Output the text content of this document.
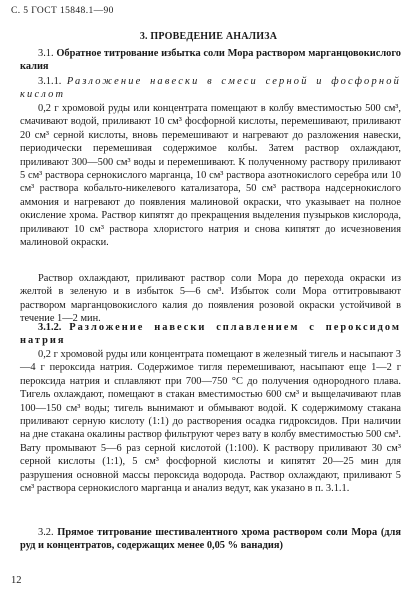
С. 5 ГОСТ 15848.1—90
3. ПРОВЕДЕНИЕ АНАЛИЗА
3.1. Обратное титрование избытка соли Мора раствором марганцовокислого калия
3.1.1. Разложение навески в смеси серной и фосфорной кислот
0,2 г хромовой руды или концентрата помещают в колбу вместимостью 500 см³, смачивают водой, приливают 10 см³ фосфорной кислоты, перемешивают, приливают 20 см³ серной кислоты, вновь перемешивают и нагревают до разложения навески, периодически перемешивая содержимое колбы. Затем раствор охлаждают, приливают 300—500 см³ воды и перемешивают. К полученному раствору приливают 5 см³ раствора сернокислого марганца, 10 см³ раствора азотнокислого серебра или 10 см³ раствора кобальто-никелевого катализатора, 50 см³ раствора надсернокислого аммония и нагревают до появления малиновой окраски, что указывает на полное окисление хрома. Раствор кипятят до прекращения выделения пузырьков кислорода, приливают 10 см³ раствора хлористого натрия и снова кипятят до исчезновения малиновой окраски.
Раствор охлаждают, приливают раствор соли Мора до перехода окраски из желтой в зеленую и в избыток 5—6 см³. Избыток соли Мора оттитровывают раствором марганцовокислого калия до появления розовой окраски устойчивой в течение 1—2 мин.
3.1.2. Разложение навески сплавлением с пероксидом натрия
0,2 г хромовой руды или концентрата помещают в железный тигель и насыпают 3—4 г пероксида натрия. Содержимое тигля перемешивают, насыпают еще 1—2 г пероксида натрия и сплавляют при 700—750 °С до получения однородного плава. Тигель охлаждают, помещают в стакан вместимостью 600 см³ и выщелачивают плав 100—150 см³ воды; тигель вынимают и обмывают водой. К содержимому стакана приливают серную кислоту (1:1) до растворения осадка гидроксидов. При наличии на дне стакана окалины раствор фильтруют через вату в колбу вместимостью 500 см³. Вату промывают 5—6 раз серной кислотой (1:100). К раствору приливают 30 см³ серной кислоты (1:1), 5 см³ фосфорной кислоты и кипятят 20—25 мин для разрушения основной массы пероксида водорода. Раствор охлаждают, приливают 5 см³ раствора сернокислого марганца и анализ ведут, как указано в п. 3.1.1.
3.2. Прямое титрование шестивалентного хрома раствором соли Мора (для руд и концентратов, содержащих менее 0,05 % ванадия)
12
